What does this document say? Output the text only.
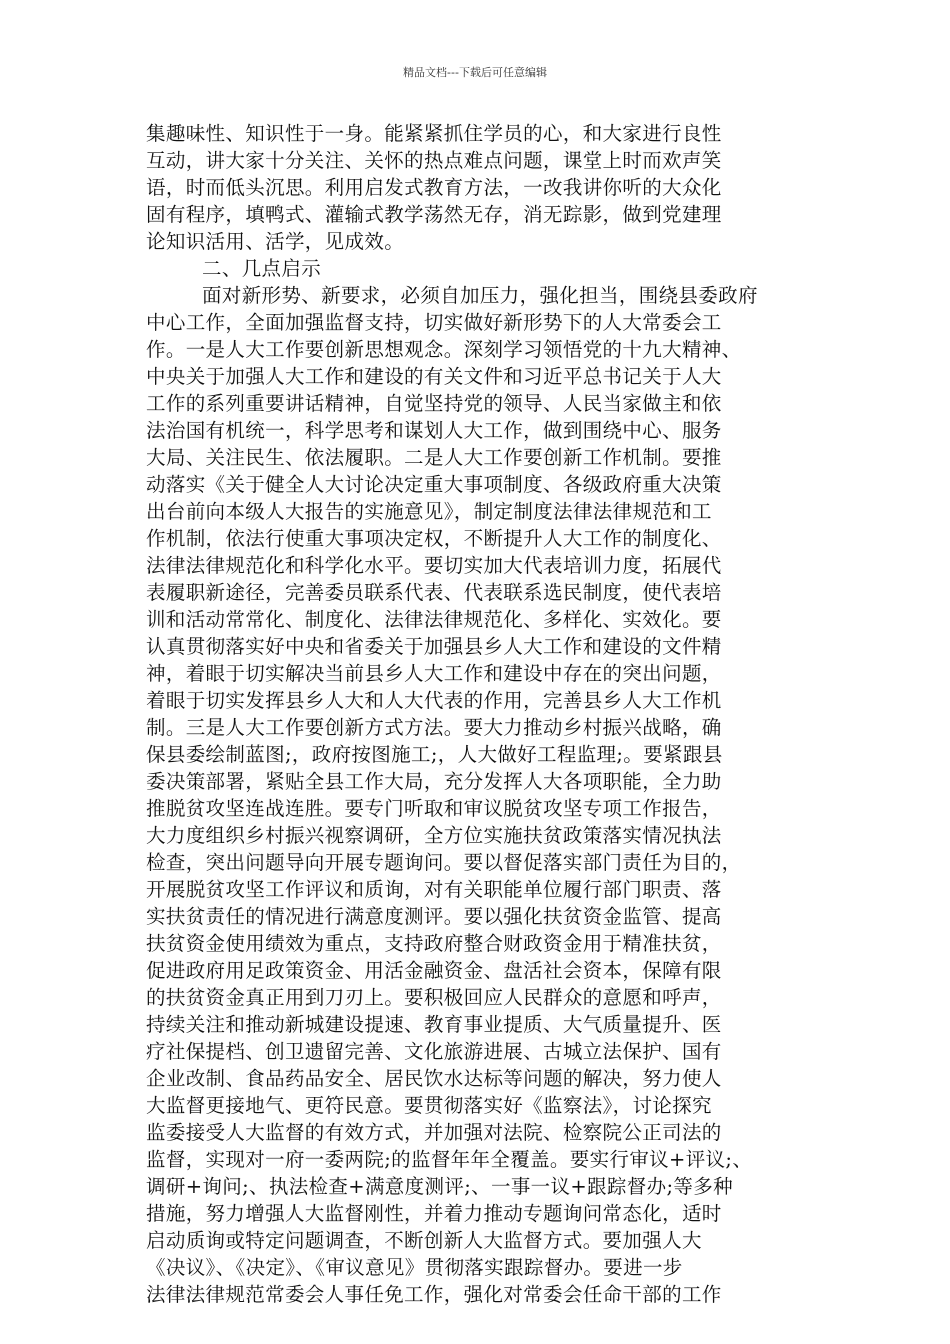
精品文档---下载后可任意编辑
集趣味性、知识性于一身。能紧紧抓住学员的心，和大家进行良性
互动，讲大家十分关注、关怀的热点难点问题，课堂上时而欢声笑
语，时而低头沉思。利用启发式教育方法，一改我讲你听的大众化
固有程序，填鸭式、灌输式教学荡然无存，消无踪影，做到党建理
论知识活用、活学，见成效。
二、几点启示
面对新形势、新要求，必须自加压力，强化担当，围绕县委政府
中心工作，全面加强监督支持，切实做好新形势下的人大常委会工
作。一是人大工作要创新思想观念。深刻学习领悟党的十九大精神、
中央关于加强人大工作和建设的有关文件和习近平总书记关于人大
工作的系列重要讲话精神，自觉坚持党的领导、人民当家做主和依
法治国有机统一，科学思考和谋划人大工作，做到围绕中心、服务
大局、关注民生、依法履职。二是人大工作要创新工作机制。要推
动落实《关于健全人大讨论决定重大事项制度、各级政府重大决策
出台前向本级人大报告的实施意见》，制定制度法律法律规范和工
作机制，依法行使重大事项决定权，不断提升人大工作的制度化、
法律法律规范化和科学化水平。要切实加大代表培训力度，拓展代
表履职新途径，完善委员联系代表、代表联系选民制度，使代表培
训和活动常常化、制度化、法律法律规范化、多样化、实效化。要
认真贯彻落实好中央和省委关于加强县乡人大工作和建设的文件精
神，着眼于切实解决当前县乡人大工作和建设中存在的突出问题，
着眼于切实发挥县乡人大和人大代表的作用，完善县乡人大工作机
制。三是人大工作要创新方式方法。要大力推动乡村振兴战略，确
保县委绘制蓝图;，政府按图施工;，人大做好工程监理;。要紧跟县
委决策部署，紧贴全县工作大局，充分发挥人大各项职能，全力助
推脱贫攻坚连战连胜。要专门听取和审议脱贫攻坚专项工作报告，
大力度组织乡村振兴视察调研，全方位实施扶贫政策落实情况执法
检查，突出问题导向开展专题询问。要以督促落实部门责任为目的，
开展脱贫攻坚工作评议和质询，对有关职能单位履行部门职责、落
实扶贫责任的情况进行满意度测评。要以强化扶贫资金监管、提高
扶贫资金使用绩效为重点，支持政府整合财政资金用于精准扶贫，
促进政府用足政策资金、用活金融资金、盘活社会资本，保障有限
的扶贫资金真正用到刀刃上。要积极回应人民群众的意愿和呼声，
持续关注和推动新城建设提速、教育事业提质、大气质量提升、医
疗社保提档、创卫遗留完善、文化旅游进展、古城立法保护、国有
企业改制、食品药品安全、居民饮水达标等问题的解决，努力使人
大监督更接地气、更符民意。要贯彻落实好《监察法》，讨论探究
监委接受人大监督的有效方式，并加强对法院、检察院公正司法的
监督，实现对一府一委两院;的监督年年全覆盖。要实行审议+评议;、
调研+询问;、执法检查+满意度测评;、一事一议+跟踪督办;等多种
措施，努力增强人大监督刚性，并着力推动专题询问常态化，适时
启动质询或特定问题调查，不断创新人大监督方式。要加强人大
《决议》、《决定》、《审议意见》贯彻落实跟踪督办。要进一步
法律法律规范常委会人事任免工作，强化对常委会任命干部的工作
